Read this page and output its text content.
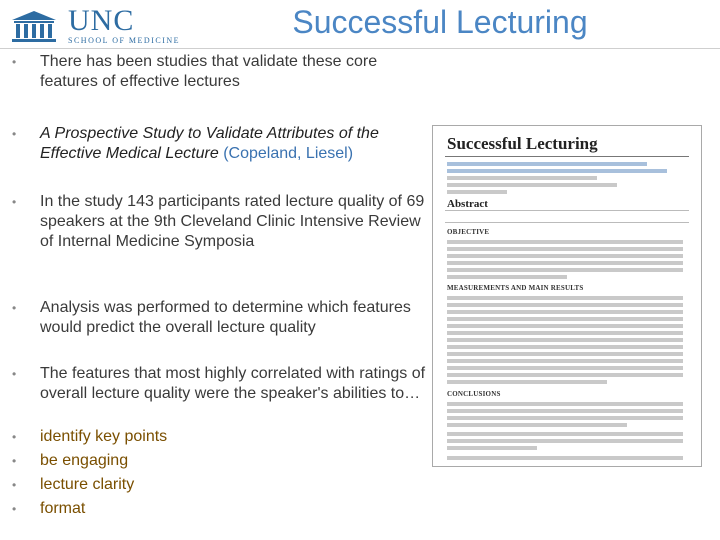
UNC
SCHOOL OF MEDICINE
Successful Lecturing
•	There has been studies that validate these core features of effective lectures
•	A Prospective Study to Validate Attributes of the Effective Medical Lecture (Copeland, Liesel)
•	In the study 143 participants rated lecture quality of 69 speakers at the 9th Cleveland Clinic Intensive Review of Internal Medicine Symposia
•	Analysis was performed to determine which features would predict the overall lecture quality
•	The features that most highly correlated with ratings of overall lecture quality were the speaker's abilities to…
•	identify key points
•	be engaging
•	lecture clarity
•	format
Successful Lecturing
Abstract
OBJECTIVE
MEASUREMENTS AND MAIN RESULTS
CONCLUSIONS
